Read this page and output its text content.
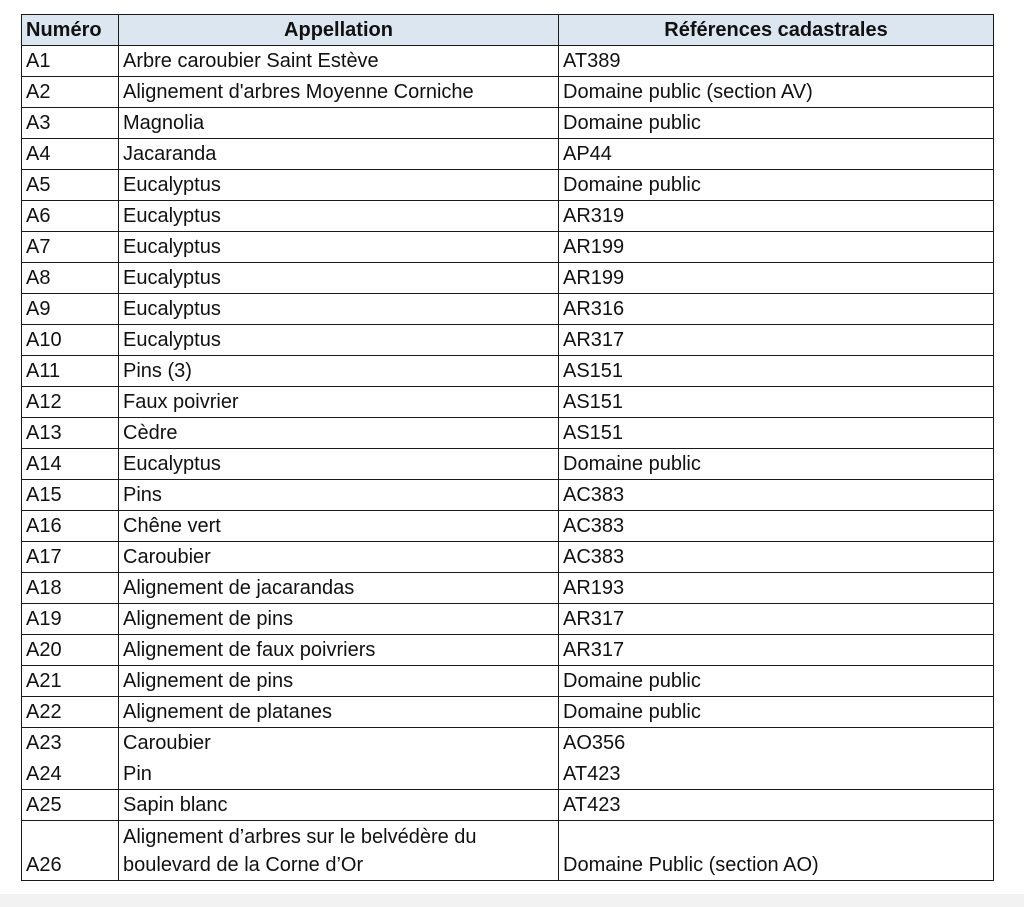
Numéro	Appellation	Références cadastrales
A1	Arbre caroubier Saint Estève	AT389
A2	Alignement d'arbres Moyenne Corniche	Domaine public (section AV)
A3	Magnolia	Domaine public
A4	Jacaranda	AP44
A5	Eucalyptus	Domaine public
A6	Eucalyptus	AR319
A7	Eucalyptus	AR199
A8	Eucalyptus	AR199
A9	Eucalyptus	AR316
A10	Eucalyptus	AR317
A11	Pins (3)	AS151
A12	Faux poivrier	AS151
A13	Cèdre	AS151
A14	Eucalyptus	Domaine public
A15	Pins	AC383
A16	Chêne vert	AC383
A17	Caroubier	AC383
A18	Alignement de jacarandas	AR193
A19	Alignement de pins	AR317
A20	Alignement de faux poivriers	AR317
A21	Alignement de pins	Domaine public
A22	Alignement de platanes	Domaine public
A23	Caroubier	AO356
A24	Pin	AT423
A25	Sapin blanc	AT423
A26	Alignement d’arbres sur le belvédère du boulevard de la Corne d’Or	Domaine Public (section AO)
